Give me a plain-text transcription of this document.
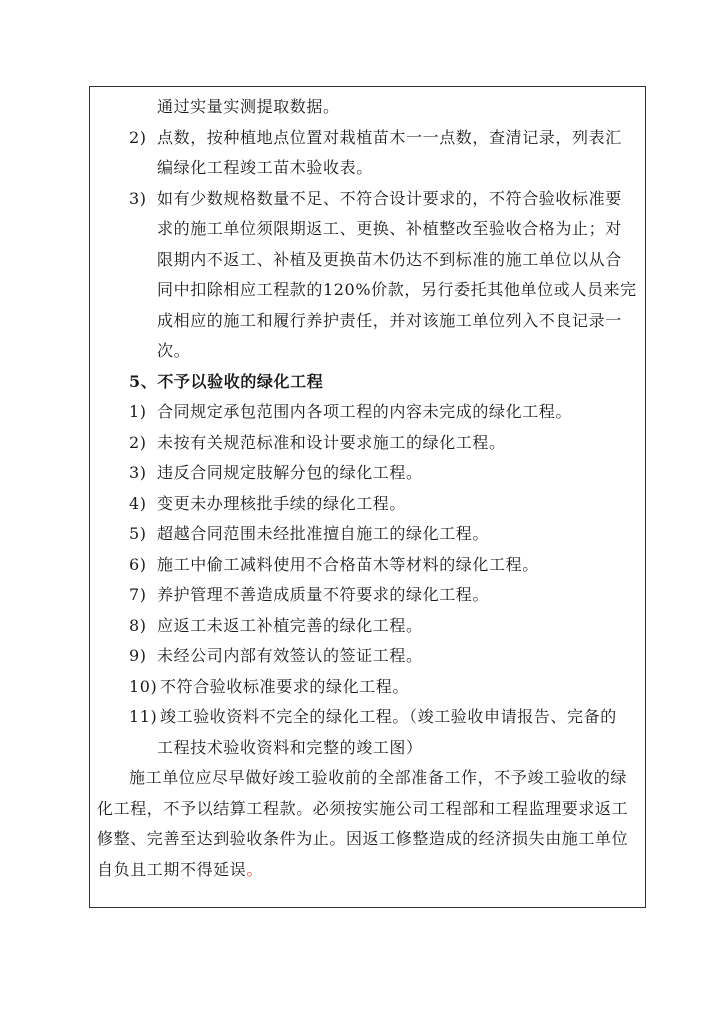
通过实量实测提取数据。
2) 点数，按种植地点位置对栽植苗木一一点数，查清记录，列表汇
编绿化工程竣工苗木验收表。
3) 如有少数规格数量不足、不符合设计要求的，不符合验收标准要
求的施工单位须限期返工、更换、补植整改至验收合格为止；对
限期内不返工、补植及更换苗木仍达不到标准的施工单位以从合
同中扣除相应工程款的120%价款，另行委托其他单位或人员来完
成相应的施工和履行养护责任，并对该施工单位列入不良记录一
次。
5、不予以验收的绿化工程
1) 合同规定承包范围内各项工程的内容未完成的绿化工程。
2) 未按有关规范标准和设计要求施工的绿化工程。
3) 违反合同规定肢解分包的绿化工程。
4) 变更未办理核批手续的绿化工程。
5) 超越合同范围未经批准擅自施工的绿化工程。
6) 施工中偷工减料使用不合格苗木等材料的绿化工程。
7) 养护管理不善造成质量不符要求的绿化工程。
8) 应返工未返工补植完善的绿化工程。
9) 未经公司内部有效签认的签证工程。
10) 不符合验收标准要求的绿化工程。
11) 竣工验收资料不完全的绿化工程。（竣工验收申请报告、完备的
工程技术验收资料和完整的竣工图）
施工单位应尽早做好竣工验收前的全部准备工作，不予竣工验收的绿
化工程，不予以结算工程款。必须按实施公司工程部和工程监理要求返工
修整、完善至达到验收条件为止。因返工修整造成的经济损失由施工单位
自负且工期不得延误。
